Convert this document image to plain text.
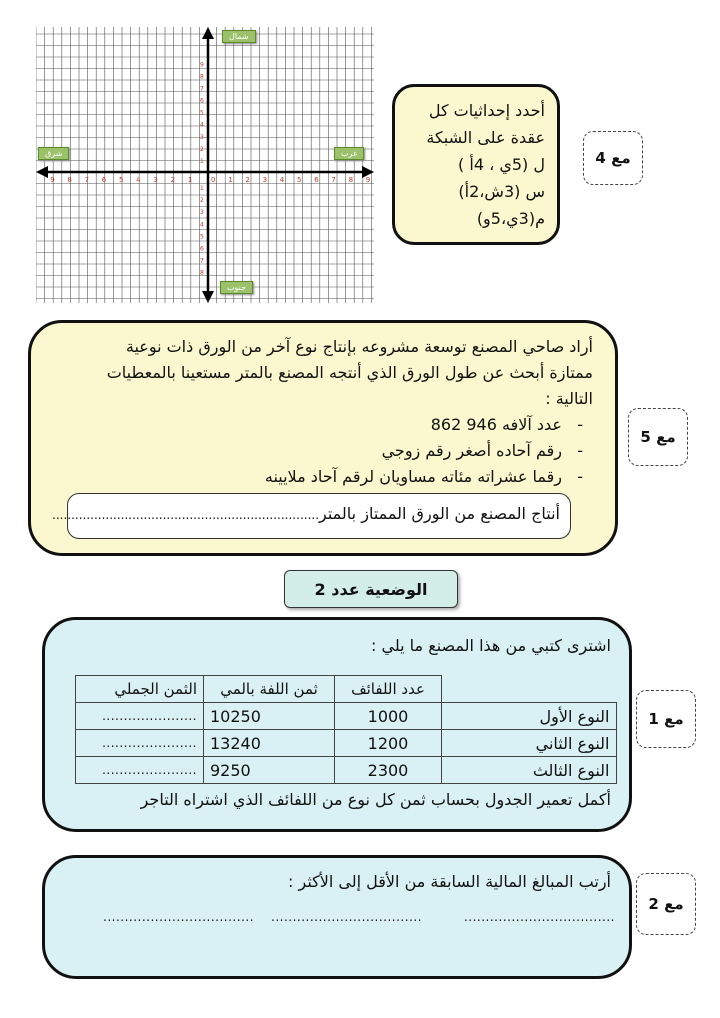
9 8 7 6 5 4 3 2 1	0 1 2 3 4 5 6 7 8 9
9
8
7
6
5
4
3
2
1
1
2
3
4
5
6
7
8
شمال
جنوب
شرق	غرب
أحدد إحداثيات كل
عقدة على الشبكة
ل (5ي ، 4أ )
س (3ش،2أ)
م(3ي،5و)
مع 4
أراد صاحي المصنع توسعة مشروعه بإنتاج نوع آخر من الورق ذات نوعية
ممتازة أبحث عن طول الورق الذي أنتجه المصنع بالمتر مستعينا بالمعطيات
التالية :
-   عدد آلافه 946 862
-   رقم آحاده أصغر رقم زوجي
-   رقما عشراته مئاته مساويان لرقم آحاد ملايينه
أنتاج المصنع من الورق الممتاز بالمتر......................................................................
مع 5
الوضعية عدد 2
اشترى كتبي من هذا المصنع ما يلي :
	عدد اللفائف	ثمن اللفة بالمي	الثمن الجملي
النوع الأول	1000	10250	......................
النوع الثاني	1200	13240	......................
النوع الثالث	2300	9250	......................
أكمل تعمير الجدول بحساب ثمن كل نوع من اللفائف الذي اشتراه التاجر
مع 1
أرتب المبالغ المالية السابقة من الأقل إلى الأكثر :
...................................
...................................
...................................
مع 2
